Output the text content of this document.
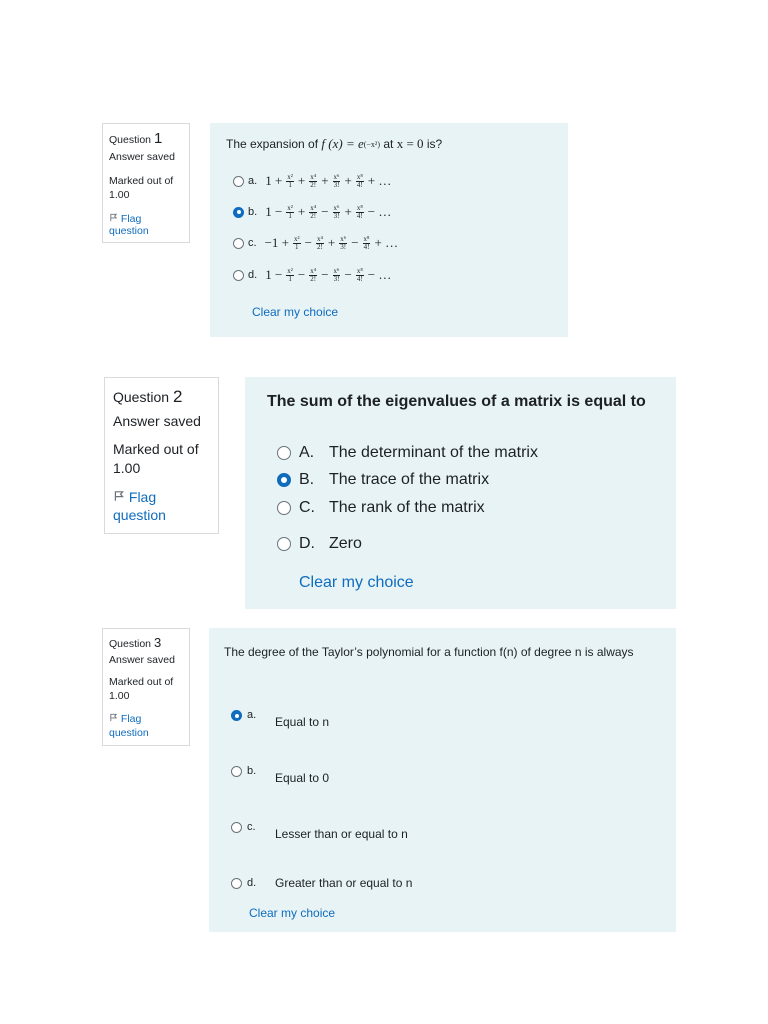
Question 1
Answer saved
Marked out of
1.00
Flag question
The expansion of f (x) = e (−x²) at x = 0 is?
a. $1 + \frac{\text{x²}}{1} + \frac{\text{x⁴}}{2!} + \frac{\text{x⁶}}{3!} + \frac{\text{x⁸}}{4!}$ + …
b. $1 - \frac{\text{x²}}{1} + \frac{\text{x⁴}}{2!} - \frac{\text{x⁶}}{3!} + \frac{\text{x⁸}}{4!}$ − …
c. $-1 + \frac{\text{x²}}{1} - \frac{\text{x⁴}}{2!} + \frac{\text{x⁶}}{3!} - \frac{\text{x⁸}}{4!}$ + …
d. $1 - \frac{\text{x²}}{1} - \frac{\text{x⁴}}{2!} - \frac{\text{x⁶}}{3!} - \frac{\text{x⁸}}{4!}$ − …
Clear my choice
Question 2
Answer saved
Marked out of
1.00
Flag question
The sum of the eigenvalues of a matrix is equal to
A. The determinant of the matrix
B. The trace of the matrix
C. The rank of the matrix
D. Zero
Clear my choice
Question 3
Answer saved
Marked out of
1.00
Flag question
The degree of the Taylor’s polynomial for a function f(n) of degree n is always
a.	Equal to n
b.	Equal to 0
c.	Lesser than or equal to n
d.	Greater than or equal to n
Clear my choice
